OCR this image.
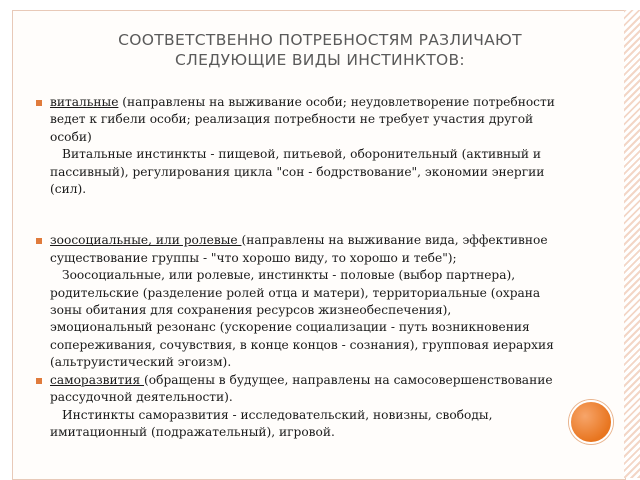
СООТВЕТСТВЕННО ПОТРЕБНОСТЯМ РАЗЛИЧАЮТ
СЛЕДУЮЩИЕ ВИДЫ ИНСТИНКТОВ:

витальные (направлены на выживание особи; неудовлетворение потребности ведет к гибели особи; реализация потребности не требует участия другой особи)

Витальные инстинкты - пищевой, питьевой, оборонительный (активный и пассивный), регулирования цикла "сон - бодрствование", экономии энергии (сил).

зоосоциальные, или ролевые (направлены на выживание вида, эффективное существование группы - "что хорошо виду, то хорошо и тебе");

Зоосоциальные, или ролевые, инстинкты - половые (выбор партнера), родительские (разделение ролей отца и матери), территориальные (охрана зоны обитания для сохранения ресурсов жизнеобеспечения), эмоциональный резонанс (ускорение социализации - путь возникновения сопереживания, сочувствия, в конце концов - сознания), групповая иерархия (альтруистический эгоизм).

саморазвития (обращены в будущее, направлены на самосовершенствование рассудочной деятельности).

Инстинкты саморазвития - исследовательский, новизны, свободы, имитационный (подражательный), игровой.
